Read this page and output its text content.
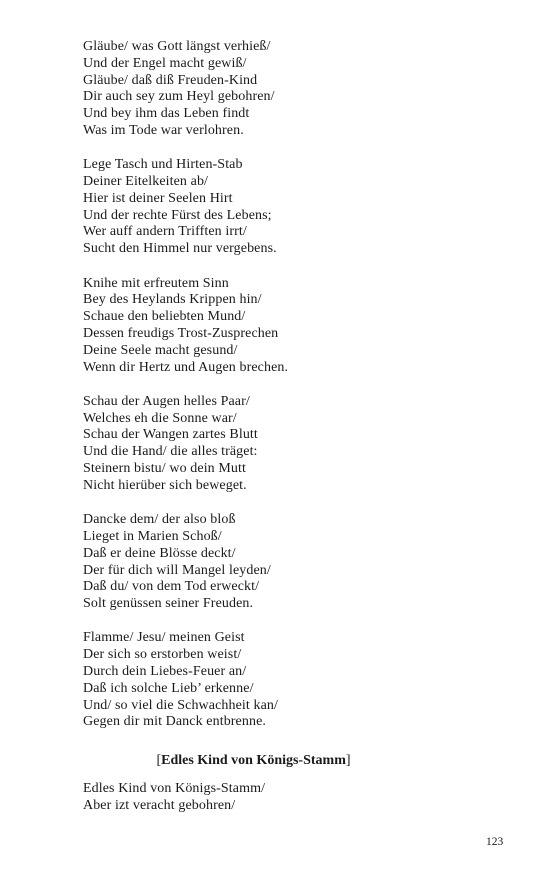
Gläube/ was Gott längst verhieß/
Und der Engel macht gewiß/
Gläube/ daß diß Freuden-Kind
Dir auch sey zum Heyl gebohren/
Und bey ihm das Leben findt
Was im Tode war verlohren.
Lege Tasch und Hirten-Stab
Deiner Eitelkeiten ab/
Hier ist deiner Seelen Hirt
Und der rechte Fürst des Lebens;
Wer auff andern Trifften irrt/
Sucht den Himmel nur vergebens.
Knihe mit erfreutem Sinn
Bey des Heylands Krippen hin/
Schaue den beliebten Mund/
Dessen freudigs Trost-Zusprechen
Deine Seele macht gesund/
Wenn dir Hertz und Augen brechen.
Schau der Augen helles Paar/
Welches eh die Sonne war/
Schau der Wangen zartes Blutt
Und die Hand/ die alles träget:
Steinern bistu/ wo dein Mutt
Nicht hierüber sich beweget.
Dancke dem/ der also bloß
Lieget in Marien Schoß/
Daß er deine Blösse deckt/
Der für dich will Mangel leyden/
Daß du/ von dem Tod erweckt/
Solt genüssen seiner Freuden.
Flamme/ Jesu/ meinen Geist
Der sich so erstorben weist/
Durch dein Liebes-Feuer an/
Daß ich solche Lieb’ erkenne/
Und/ so viel die Schwachheit kan/
Gegen dir mit Danck entbrenne.
[Edles Kind von Königs-Stamm]
Edles Kind von Königs-Stamm/
Aber izt veracht gebohren/
123
